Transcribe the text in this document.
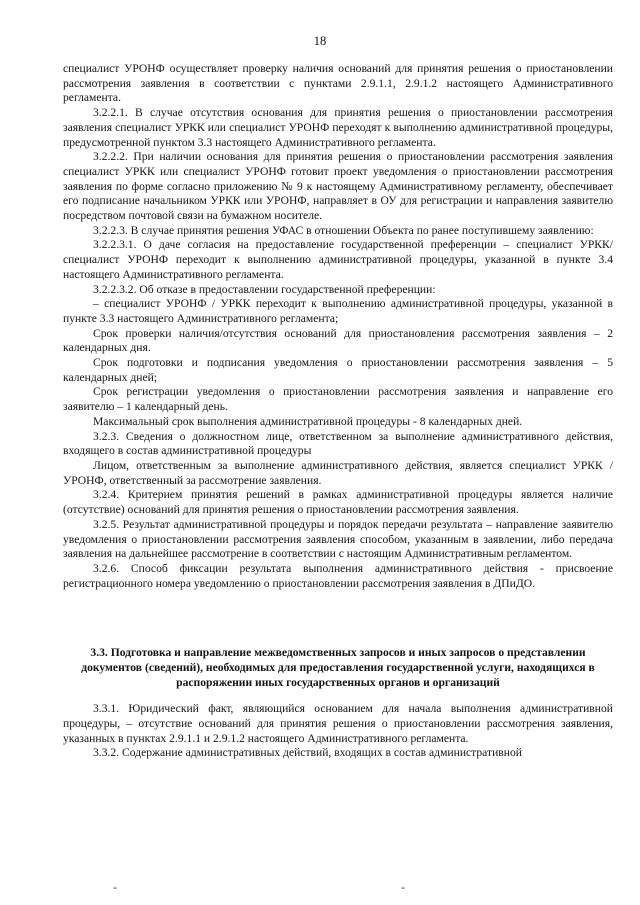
18

специалист УРОНФ осуществляет проверку наличия оснований для принятия решения о приостановлении рассмотрения заявления в соответствии с пунктами 2.9.1.1, 2.9.1.2 настоящего Административного регламента.

3.2.2.1. В случае отсутствия основания для принятия решения о приостановлении рассмотрения заявления специалист УРКК или специалист УРОНФ переходят к выполнению административной процедуры, предусмотренной пунктом 3.3 настоящего Административного регламента.

3.2.2.2. При наличии основания для принятия решения о приостановлении рассмотрения заявления специалист УРКК или специалист УРОНФ готовит проект уведомления о приостановлении рассмотрения заявления по форме согласно приложению № 9 к настоящему Административному регламенту, обеспечивает его подписание начальником УРКК или УРОНФ, направляет в ОУ для регистрации и направления заявителю посредством почтовой связи на бумажном носителе.

3.2.2.3. В случае принятия решения УФАС в отношении Объекта по ранее поступившему заявлению:

3.2.2.3.1. О даче согласия на предоставление государственной преференции – специалист УРКК/специалист УРОНФ переходит к выполнению административной процедуры, указанной в пункте 3.4 настоящего Административного регламента.

3.2.2.3.2. Об отказе в предоставлении государственной преференции:

– специалист УРОНФ / УРКК переходит к выполнению административной процедуры, указанной в пункте 3.3 настоящего Административного регламента;

Срок проверки наличия/отсутствия оснований для приостановления рассмотрения заявления – 2 календарных дня.

Срок подготовки и подписания уведомления о приостановлении рассмотрения заявления – 5 календарных дней;

Срок регистрации уведомления о приостановлении рассмотрения заявления и направление его заявителю – 1 календарный день.

Максимальный срок выполнения административной процедуры - 8 календарных дней.

3.2.3. Сведения о должностном лице, ответственном за выполнение административного действия, входящего в состав административной процедуры

Лицом, ответственным за выполнение административного действия, является специалист УРКК / УРОНФ, ответственный за рассмотрение заявления.

3.2.4. Критерием принятия решений в рамках административной процедуры является наличие (отсутствие) оснований для принятия решения о приостановлении рассмотрения заявления.

3.2.5. Результат административной процедуры и порядок передачи результата – направление заявителю уведомления о приостановлении рассмотрения заявления способом, указанным в заявлении, либо передача заявления на дальнейшее рассмотрение в соответствии с настоящим Административным регламентом.

3.2.6. Способ фиксации результата выполнения административного действия - присвоение регистрационного номера уведомлению о приостановлении рассмотрения заявления в ДПиДО.

3.3. Подготовка и направление межведомственных запросов и иных запросов о представлении документов (сведений), необходимых для предоставления государственной услуги, находящихся в распоряжении иных государственных органов и организаций

3.3.1. Юридический факт, являющийся основанием для начала выполнения административной процедуры, – отсутствие оснований для принятия решения о приостановлении рассмотрения заявления, указанных в пунктах 2.9.1.1 и 2.9.1.2 настоящего Административного регламента.

3.3.2. Содержание административных действий, входящих в состав административной

-	-
